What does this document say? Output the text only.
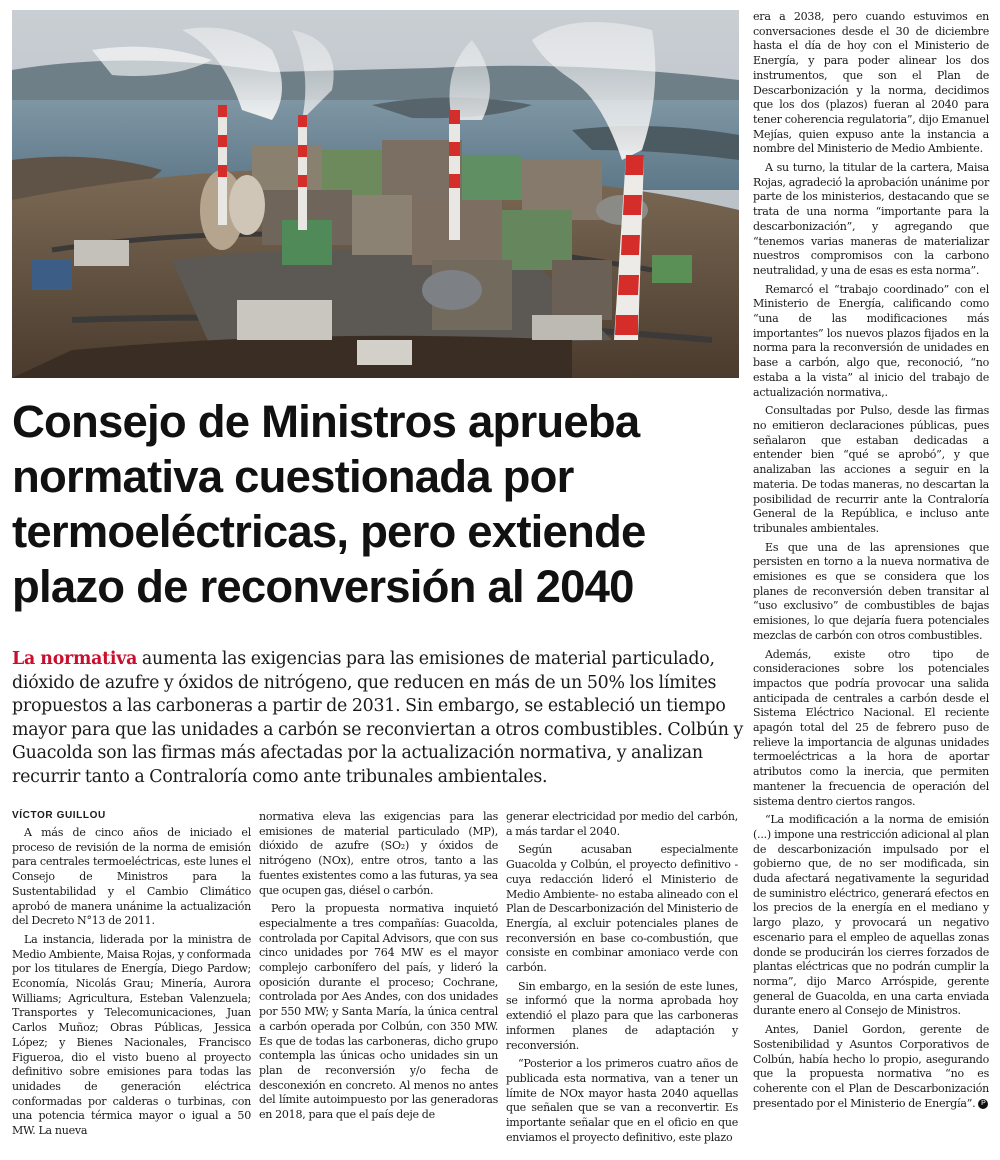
Consejo de Ministros aprueba normativa cuestionada por termoeléctricas, pero extiende plazo de reconversión al 2040

La normativa aumenta las exigencias para las emisiones de material particulado, dióxido de azufre y óxidos de nitrógeno, que reducen en más de un 50% los límites propuestos a las carboneras a partir de 2031. Sin embargo, se estableció un tiempo mayor para que las unidades a carbón se reconviertan a otros combustibles. Colbún y Guacolda son las firmas más afectadas por la actualización normativa, y analizan recurrir tanto a Contraloría como ante tribunales ambientales.

VÍCTOR GUILLOU

A más de cinco años de iniciado el proceso de revisión de la norma de emisión para centrales termoeléctricas, este lunes el Consejo de Ministros para la Sustentabilidad y el Cambio Climático aprobó de manera unánime la actualización del Decreto N°13 de 2011.

La instancia, liderada por la ministra de Medio Ambiente, Maisa Rojas, y conformada por los titulares de Energía, Diego Pardow; Economía, Nicolás Grau; Minería, Aurora Williams; Agricultura, Esteban Valenzuela; Transportes y Telecomunicaciones, Juan Carlos Muñoz; Obras Públicas, Jessica López; y Bienes Nacionales, Francisco Figueroa, dio el visto bueno al proyecto definitivo sobre emisiones para todas las unidades de generación eléctrica conformadas por calderas o turbinas, con una potencia térmica mayor o igual a 50 MW. La nueva

normativa eleva las exigencias para las emisiones de material particulado (MP), dióxido de azufre (SO₂) y óxidos de nitrógeno (NOx), entre otros, tanto a las fuentes existentes como a las futuras, ya sea que ocupen gas, diésel o carbón.

Pero la propuesta normativa inquietó especialmente a tres compañías: Guacolda, controlada por Capital Advisors, que con sus cinco unidades por 764 MW es el mayor complejo carbonífero del país, y lideró la oposición durante el proceso; Cochrane, controlada por Aes Andes, con dos unidades por 550 MW; y Santa María, la única central a carbón operada por Colbún, con 350 MW. Es que de todas las carboneras, dicho grupo contempla las únicas ocho unidades sin un plan de reconversión y/o fecha de desconexión en concreto. Al menos no antes del límite autoimpuesto por las generadoras en 2018, para que el país deje de

generar electricidad por medio del carbón, a más tardar el 2040.

Según acusaban especialmente Guacolda y Colbún, el proyecto definitivo -cuya redacción lideró el Ministerio de Medio Ambiente- no estaba alineado con el Plan de Descarbonización del Ministerio de Energía, al excluir potenciales planes de reconversión en base co-combustión, que consiste en combinar amoniaco verde con carbón.

Sin embargo, en la sesión de este lunes, se informó que la norma aprobada hoy extendió el plazo para que las carboneras informen planes de adaptación y reconversión.

“Posterior a los primeros cuatro años de publicada esta normativa, van a tener un límite de NOx mayor hasta 2040 aquellas que señalen que se van a reconvertir. Es importante señalar que en el oficio en que enviamos el proyecto definitivo, este plazo

era a 2038, pero cuando estuvimos en conversaciones desde el 30 de diciembre hasta el día de hoy con el Ministerio de Energía, y para poder alinear los dos instrumentos, que son el Plan de Descarbonización y la norma, decidimos que los dos (plazos) fueran al 2040 para tener coherencia regulatoria”, dijo Emanuel Mejías, quien expuso ante la instancia a nombre del Ministerio de Medio Ambiente.

A su turno, la titular de la cartera, Maisa Rojas, agradeció la aprobación unánime por parte de los ministerios, destacando que se trata de una norma “importante para la descarbonización”, y agregando que “tenemos varias maneras de materializar nuestros compromisos con la carbono neutralidad, y una de esas es esta norma”.

Remarcó el “trabajo coordinado” con el Ministerio de Energía, calificando como “una de las modificaciones más importantes” los nuevos plazos fijados en la norma para la reconversión de unidades en base a carbón, algo que, reconoció, “no estaba a la vista” al inicio del trabajo de actualización normativa,.

Consultadas por Pulso, desde las firmas no emitieron declaraciones públicas, pues señalaron que estaban dedicadas a entender bien “qué se aprobó”, y que analizaban las acciones a seguir en la materia. De todas maneras, no descartan la posibilidad de recurrir ante la Contraloría General de la República, e incluso ante tribunales ambientales.

Es que una de las aprensiones que persisten en torno a la nueva normativa de emisiones es que se considera que los planes de reconversión deben transitar al “uso exclusivo” de combustibles de bajas emisiones, lo que dejaría fuera potenciales mezclas de carbón con otros combustibles.

Además, existe otro tipo de consideraciones sobre los potenciales impactos que podría provocar una salida anticipada de centrales a carbón desde el Sistema Eléctrico Nacional. El reciente apagón total del 25 de febrero puso de relieve la importancia de algunas unidades termoeléctricas a la hora de aportar atributos como la inercia, que permiten mantener la frecuencia de operación del sistema dentro ciertos rangos.

“La modificación a la norma de emisión (...) impone una restricción adicional al plan de descarbonización impulsado por el gobierno que, de no ser modificada, sin duda afectará negativamente la seguridad de suministro eléctrico, generará efectos en los precios de la energía en el mediano y largo plazo, y provocará un negativo escenario para el empleo de aquellas zonas donde se producirán los cierres forzados de plantas eléctricas que no podrán cumplir la norma”, dijo Marco Arróspide, gerente general de Guacolda, en una carta enviada durante enero al Consejo de Ministros.

Antes, Daniel Gordon, gerente de Sostenibilidad y Asuntos Corporativos de Colbún, había hecho lo propio, asegurando que la propuesta normativa “no es coherente con el Plan de Descarbonización presentado por el Ministerio de Energía”. P
